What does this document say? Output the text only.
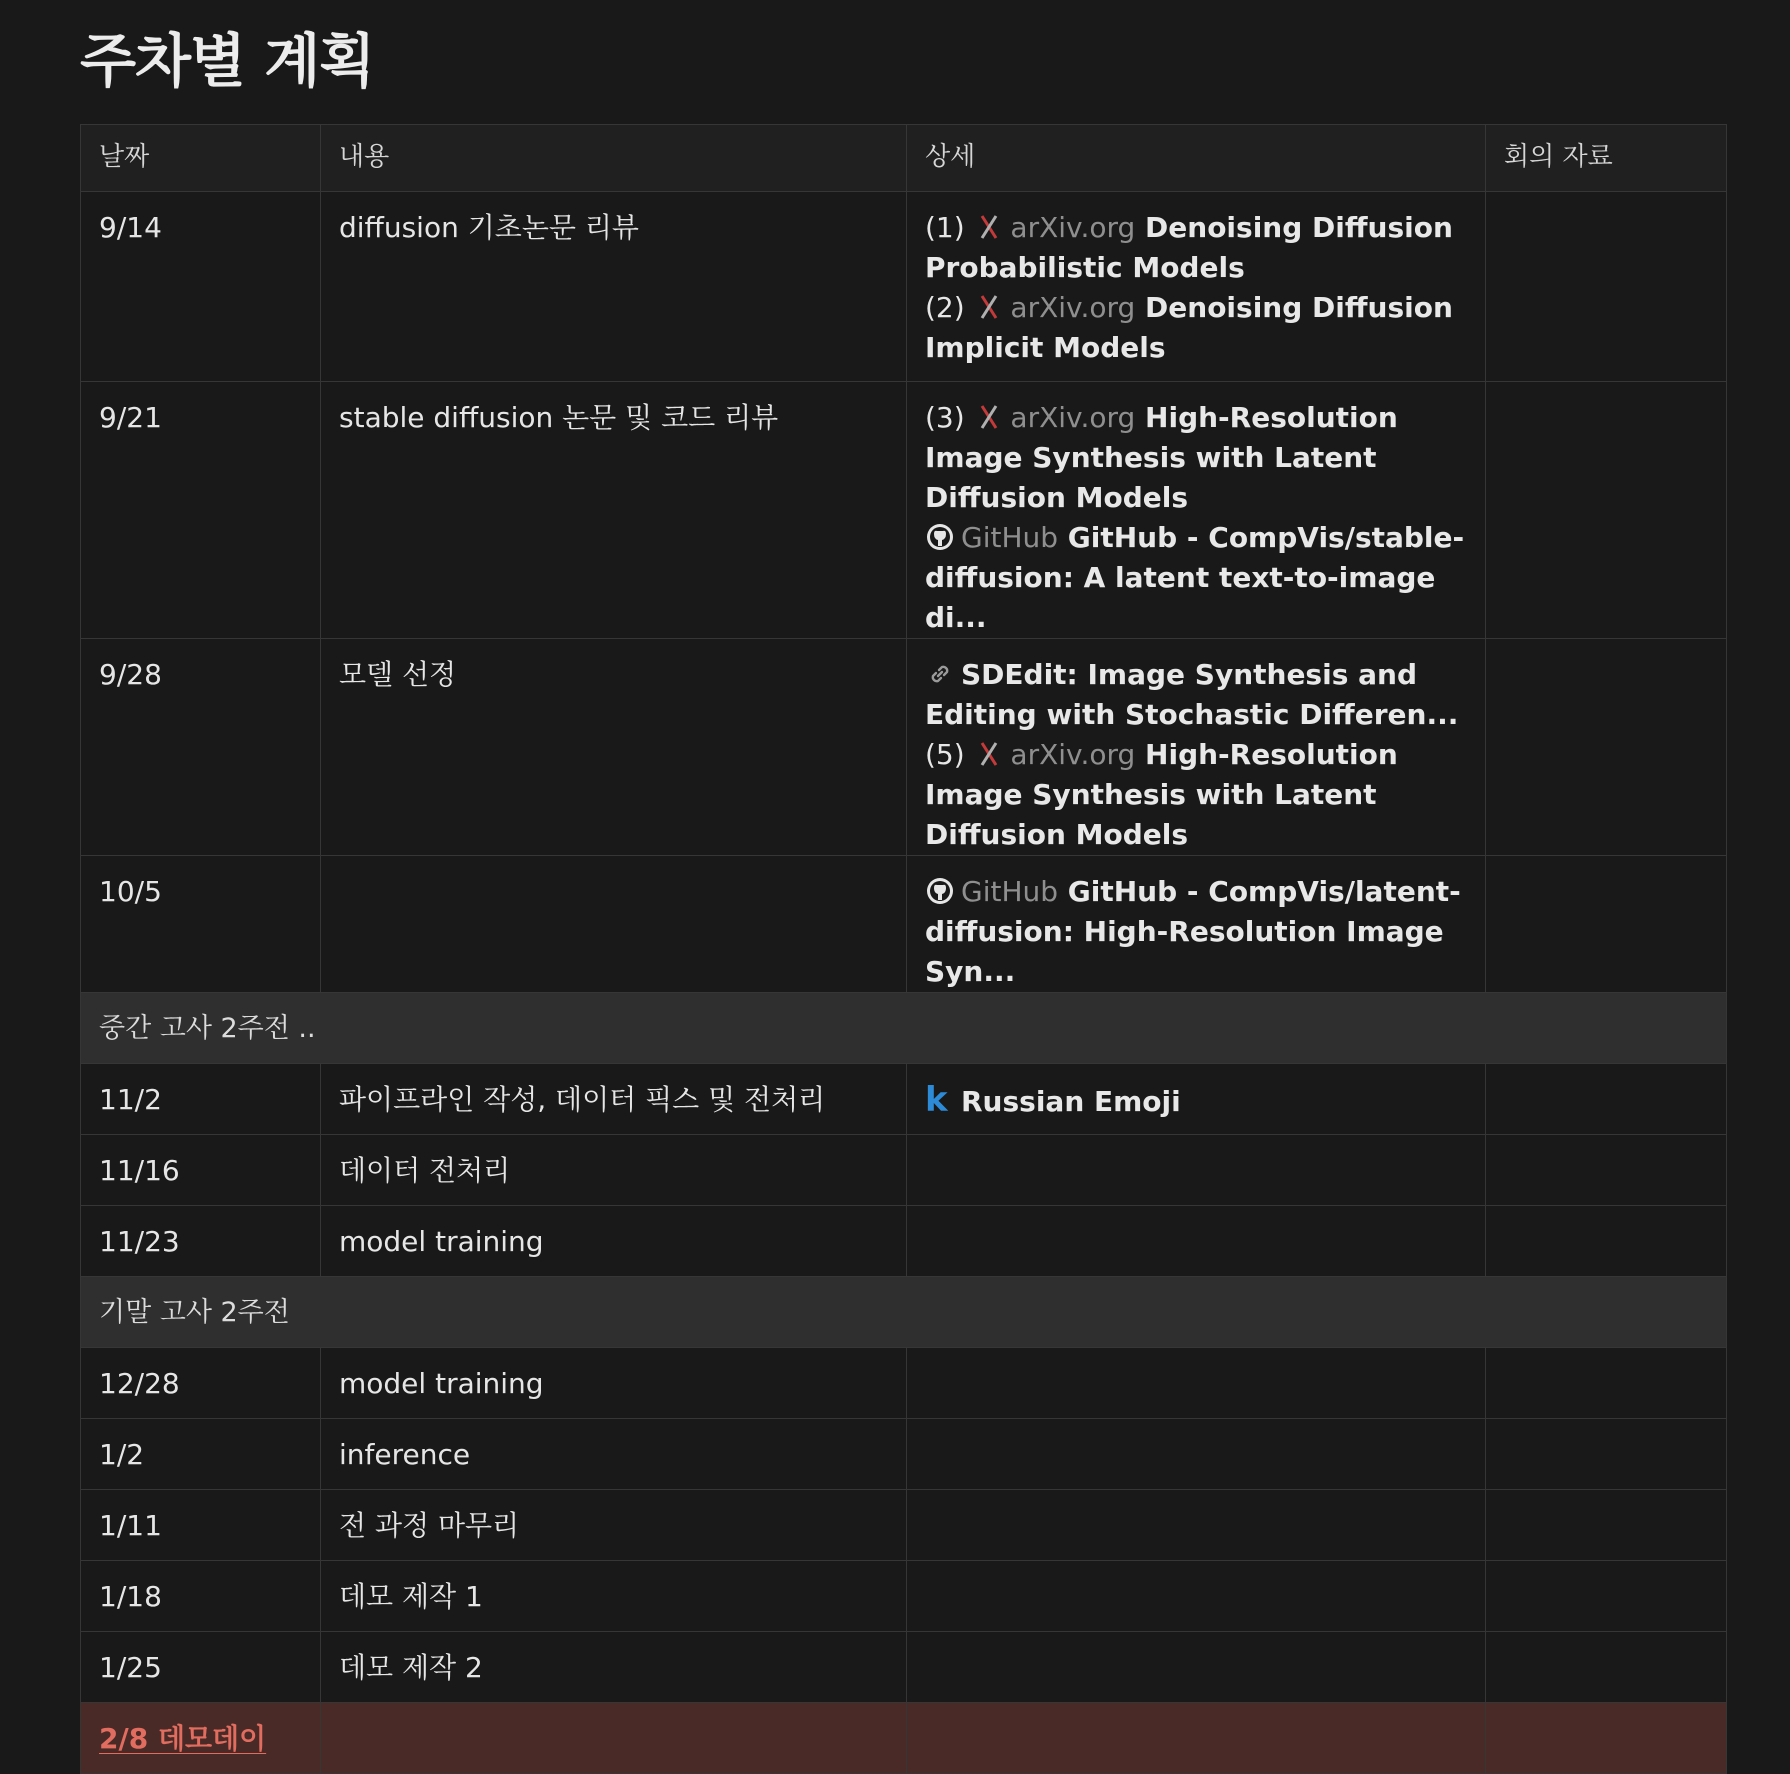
주차별 계획
날짜	내용	상세	회의 자료
9/14	diffusion 기초논문 리뷰	(1) arXiv.org Denoising Diffusion Probabilistic Models
(2) arXiv.org Denoising Diffusion Implicit Models	

9/21	stable diffusion 논문 및 코드 리뷰	(3) arXiv.org High-Resolution Image Synthesis with Latent Diffusion Models
GitHub GitHub - CompVis/stable-diffusion: A latent text-to-image di...	

9/28	모델 선정	SDEdit: Image Synthesis and Editing with Stochastic Differen...
(5) arXiv.org High-Resolution Image Synthesis with Latent Diffusion Models	

10/5		GitHub GitHub - CompVis/latent-diffusion: High-Resolution Image Syn...	

중간 고사 2주전 ..			
11/2	파이프라인 작성, 데이터 픽스 및 전처리	k Russian Emoji	

11/16	데이터 전처리		
11/23	model training		
기말 고사 2주전			
12/28	model training		
1/2	inference		
1/11	전 과정 마무리		
1/18	데모 제작 1		
1/25	데모 제작 2		
2/8 데모데이			
